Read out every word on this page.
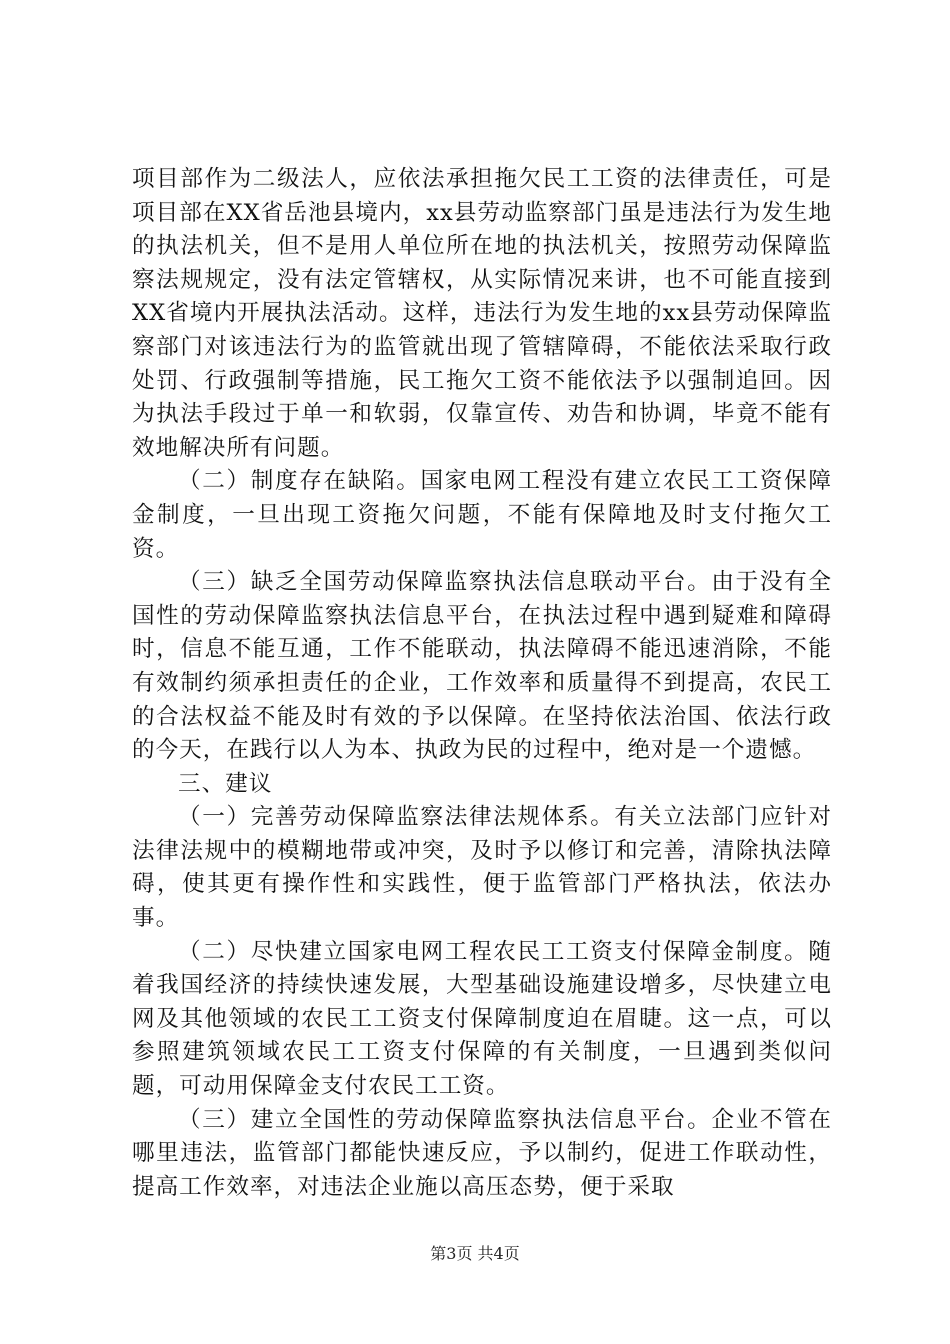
项目部作为二级法人，应依法承担拖欠民工工资的法律责任，可是项目部在XX省岳池县境内，xx县劳动监察部门虽是违法行为发生地的执法机关，但不是用人单位所在地的执法机关，按照劳动保障监察法规规定，没有法定管辖权，从实际情况来讲，也不可能直接到XX省境内开展执法活动。这样，违法行为发生地的xx县劳动保障监察部门对该违法行为的监管就出现了管辖障碍，不能依法采取行政处罚、行政强制等措施，民工拖欠工资不能依法予以强制追回。因为执法手段过于单一和软弱，仅靠宣传、劝告和协调，毕竟不能有效地解决所有问题。

（二）制度存在缺陷。国家电网工程没有建立农民工工资保障金制度，一旦出现工资拖欠问题，不能有保障地及时支付拖欠工资。

（三）缺乏全国劳动保障监察执法信息联动平台。由于没有全国性的劳动保障监察执法信息平台，在执法过程中遇到疑难和障碍时，信息不能互通，工作不能联动，执法障碍不能迅速消除，不能有效制约须承担责任的企业，工作效率和质量得不到提高，农民工的合法权益不能及时有效的予以保障。在坚持依法治国、依法行政的今天，在践行以人为本、执政为民的过程中，绝对是一个遗憾。

三、建议

（一）完善劳动保障监察法律法规体系。有关立法部门应针对法律法规中的模糊地带或冲突，及时予以修订和完善，清除执法障碍，使其更有操作性和实践性，便于监管部门严格执法，依法办事。

（二）尽快建立国家电网工程农民工工资支付保障金制度。随着我国经济的持续快速发展，大型基础设施建设增多，尽快建立电网及其他领域的农民工工资支付保障制度迫在眉睫。这一点，可以参照建筑领域农民工工资支付保障的有关制度，一旦遇到类似问题，可动用保障金支付农民工工资。

（三）建立全国性的劳动保障监察执法信息平台。企业不管在哪里违法，监管部门都能快速反应，予以制约，促进工作联动性，提高工作效率，对违法企业施以高压态势，便于采取

第3页 共4页
